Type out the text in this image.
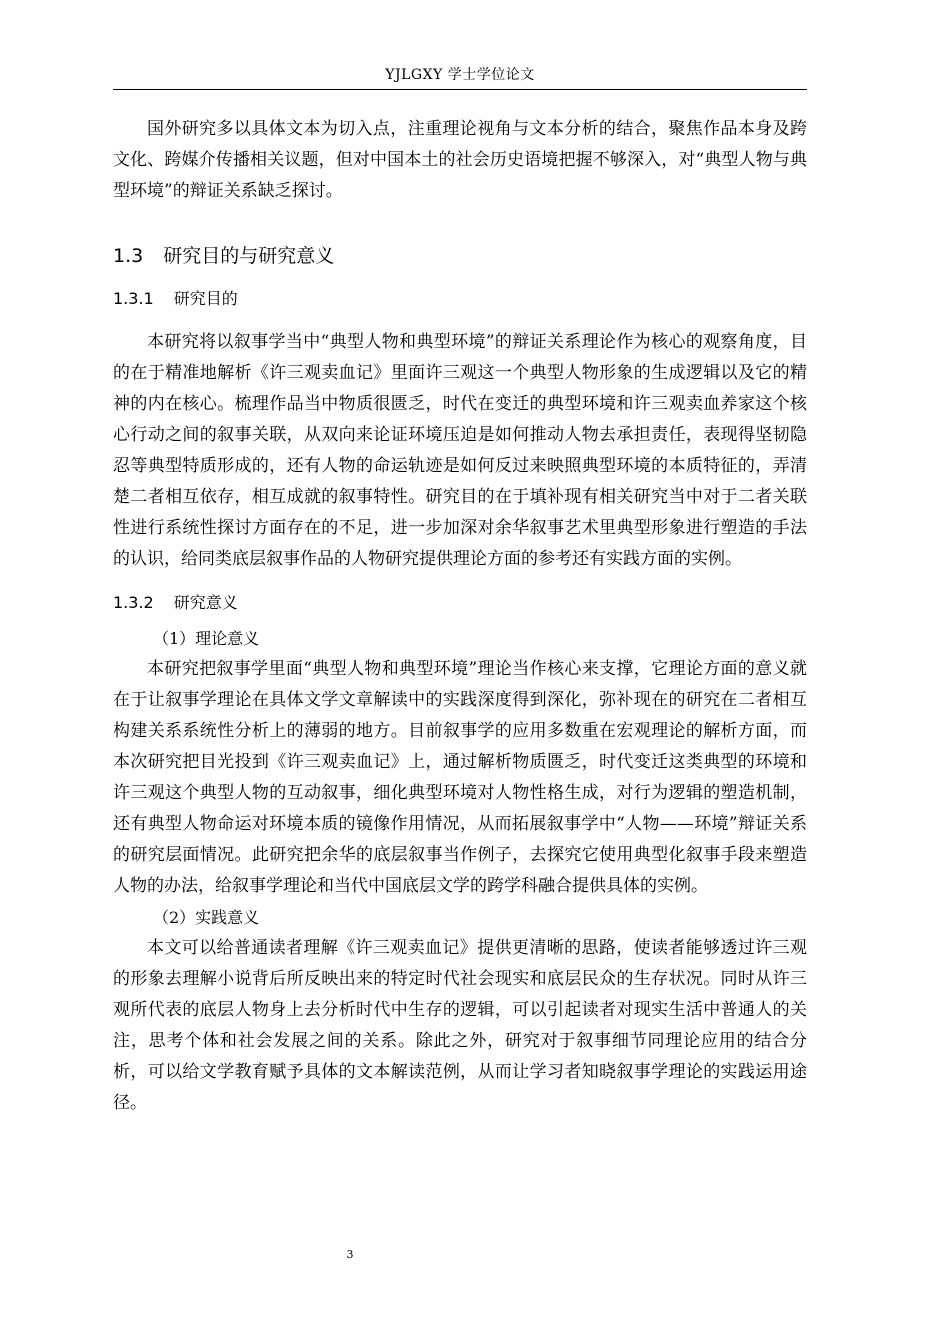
YJLGXY 学士学位论文

国外研究多以具体文本为切入点，注重理论视角与文本分析的结合，聚焦作品本身及跨文化、跨媒介传播相关议题，但对中国本土的社会历史语境把握不够深入，对“典型人物与典型环境”的辩证关系缺乏探讨。

1.3 研究目的与研究意义
1.3.1 研究目的

本研究将以叙事学当中“典型人物和典型环境”的辩证关系理论作为核心的观察角度，目的在于精准地解析《许三观卖血记》里面许三观这一个典型人物形象的生成逻辑以及它的精神的内在核心。梳理作品当中物质很匮乏，时代在变迁的典型环境和许三观卖血养家这个核心行动之间的叙事关联，从双向来论证环境压迫是如何推动人物去承担责任，表现得坚韧隐忍等典型特质形成的，还有人物的命运轨迹是如何反过来映照典型环境的本质特征的，弄清楚二者相互依存，相互成就的叙事特性。研究目的在于填补现有相关研究当中对于二者关联性进行系统性探讨方面存在的不足，进一步加深对余华叙事艺术里典型形象进行塑造的手法的认识，给同类底层叙事作品的人物研究提供理论方面的参考还有实践方面的实例。

1.3.2 研究意义

（1）理论意义

本研究把叙事学里面“典型人物和典型环境”理论当作核心来支撑，它理论方面的意义就在于让叙事学理论在具体文学文章解读中的实践深度得到深化，弥补现在的研究在二者相互构建关系系统性分析上的薄弱的地方。目前叙事学的应用多数重在宏观理论的解析方面，而本次研究把目光投到《许三观卖血记》上，通过解析物质匮乏，时代变迁这类典型的环境和许三观这个典型人物的互动叙事，细化典型环境对人物性格生成，对行为逻辑的塑造机制，还有典型人物命运对环境本质的镜像作用情况，从而拓展叙事学中“人物——环境”辩证关系的研究层面情况。此研究把余华的底层叙事当作例子，去探究它使用典型化叙事手段来塑造人物的办法，给叙事学理论和当代中国底层文学的跨学科融合提供具体的实例。

（2）实践意义

本文可以给普通读者理解《许三观卖血记》提供更清晰的思路，使读者能够透过许三观的形象去理解小说背后所反映出来的特定时代社会现实和底层民众的生存状况。同时从许三观所代表的底层人物身上去分析时代中生存的逻辑，可以引起读者对现实生活中普通人的关注，思考个体和社会发展之间的关系。除此之外，研究对于叙事细节同理论应用的结合分析，可以给文学教育赋予具体的文本解读范例，从而让学习者知晓叙事学理论的实践运用途径。

3
